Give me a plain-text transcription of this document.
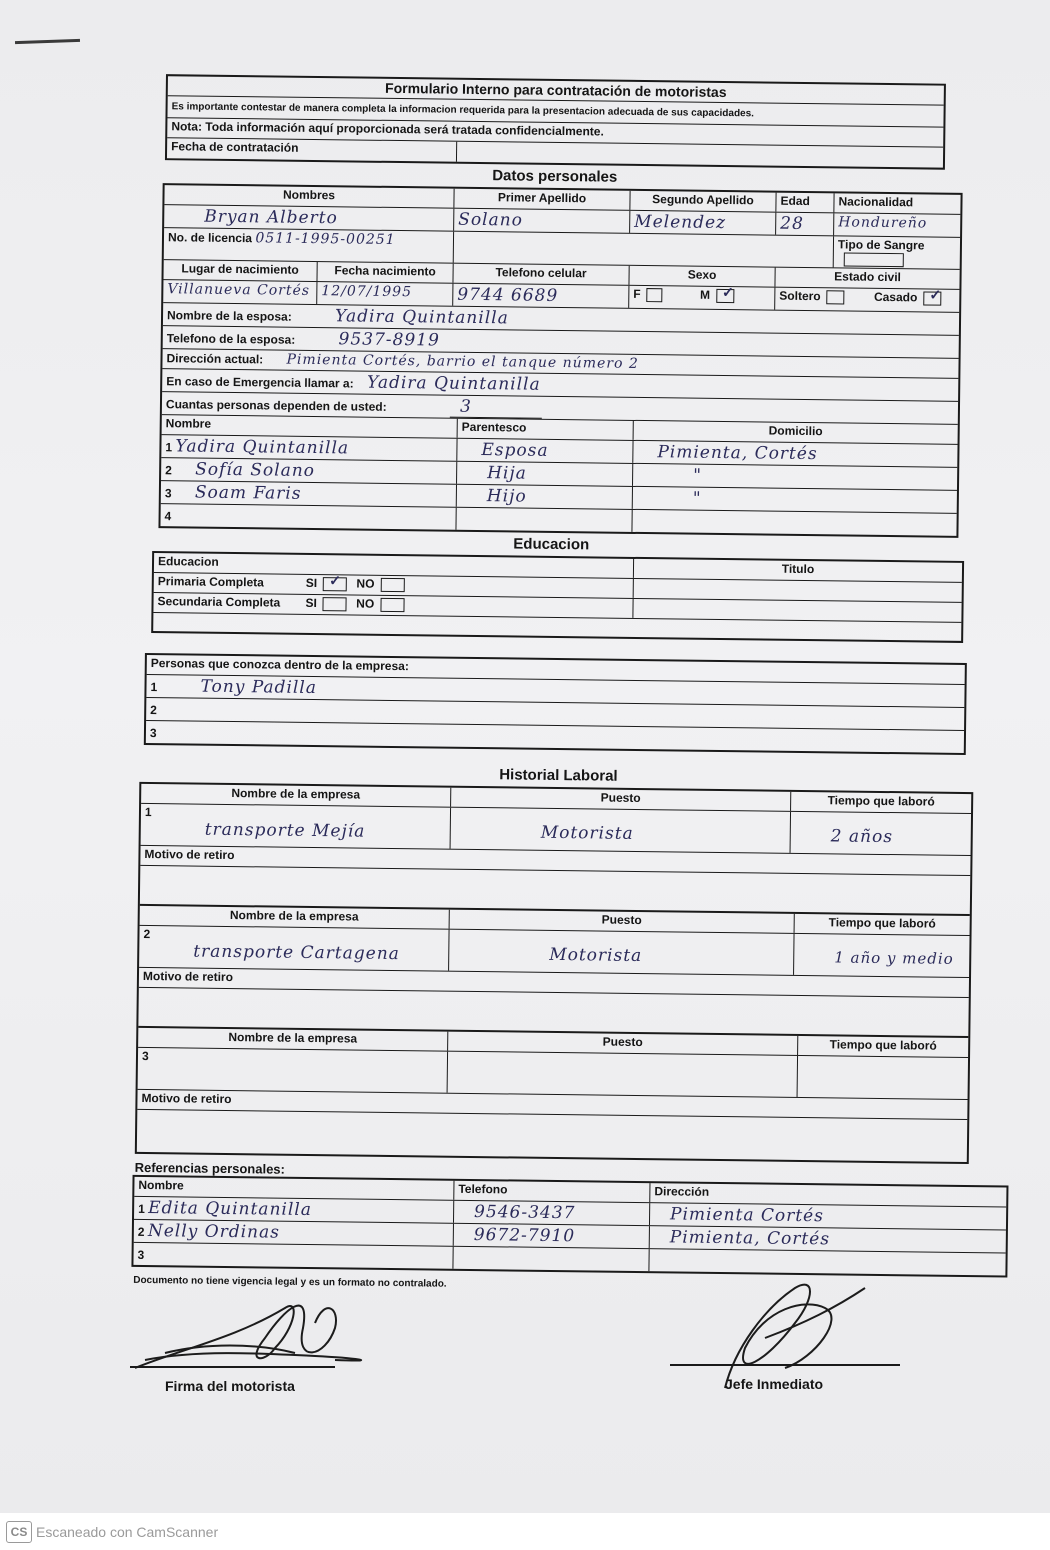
Formulario Interno para contratación de motoristas
Es importante contestar de manera completa la informacion requerida para la presentacion adecuada de sus capacidades.
Nota: Toda información aquí proporcionada será tratada confidencialmente.
Fecha de contratación
Datos personales
Nombres	Primer Apellido	Segundo Apellido	Edad	Nacionalidad
Bryan Alberto	Solano	Melendez	28	Hondureño
No. de licencia 0511-1995-00251	Tipo de Sangre
Lugar de nacimiento	Fecha nacimiento	Telefono celular	Sexo	Estado civil
Villanueva Cortés 12/07/1995	9744 6689	F	M ✓	Soltero	Casado✓
Nombre de la esposa:	Yadira Quintanilla
Telefono de la esposa:	9537-8919
Dirección actual: Pimienta Cortés, barrio el tanque número 2
En caso de Emergencia llamar a: Yadira Quintanilla
Cuantas personas dependen de usted:	3
Nombre	Parentesco	Domicilio
1 Yadira Quintanilla	Esposa	Pimienta, Cortés
2 Sofía Solano	Hija	"
3 Soam Faris	Hijo	"
4
Educacion
Educacion
Titulo
Primaria Completa	SI ✓	NO
Secundaria Completa SI	NO
Personas que conozca dentro de la empresa:
1	Tony Padilla
2
3
Historial Laboral
Nombre de la empresa	Puesto	Tiempo que laboró
1
transporte Mejía	Motorista	2 años
Motivo de retiro
Nombre de la empresa	Puesto	Tiempo que laboró
2
transporte Cartagena	Motorista	1 año y medio
Motivo de retiro
Nombre de la empresa	Puesto	Tiempo que laboró
3
Motivo de retiro
Referencias personales:
Nombre	Telefono	Dirección
1 Edita Quintanilla	9546-3437	Pimienta Cortés
2 Nelly Ordinas	9672-7910	Pimienta, Cortés
3
Documento no tiene vigencia legal y es un formato no contralado.
Firma del motorista	Jefe Inmediato
CS Escaneado con CamScanner
